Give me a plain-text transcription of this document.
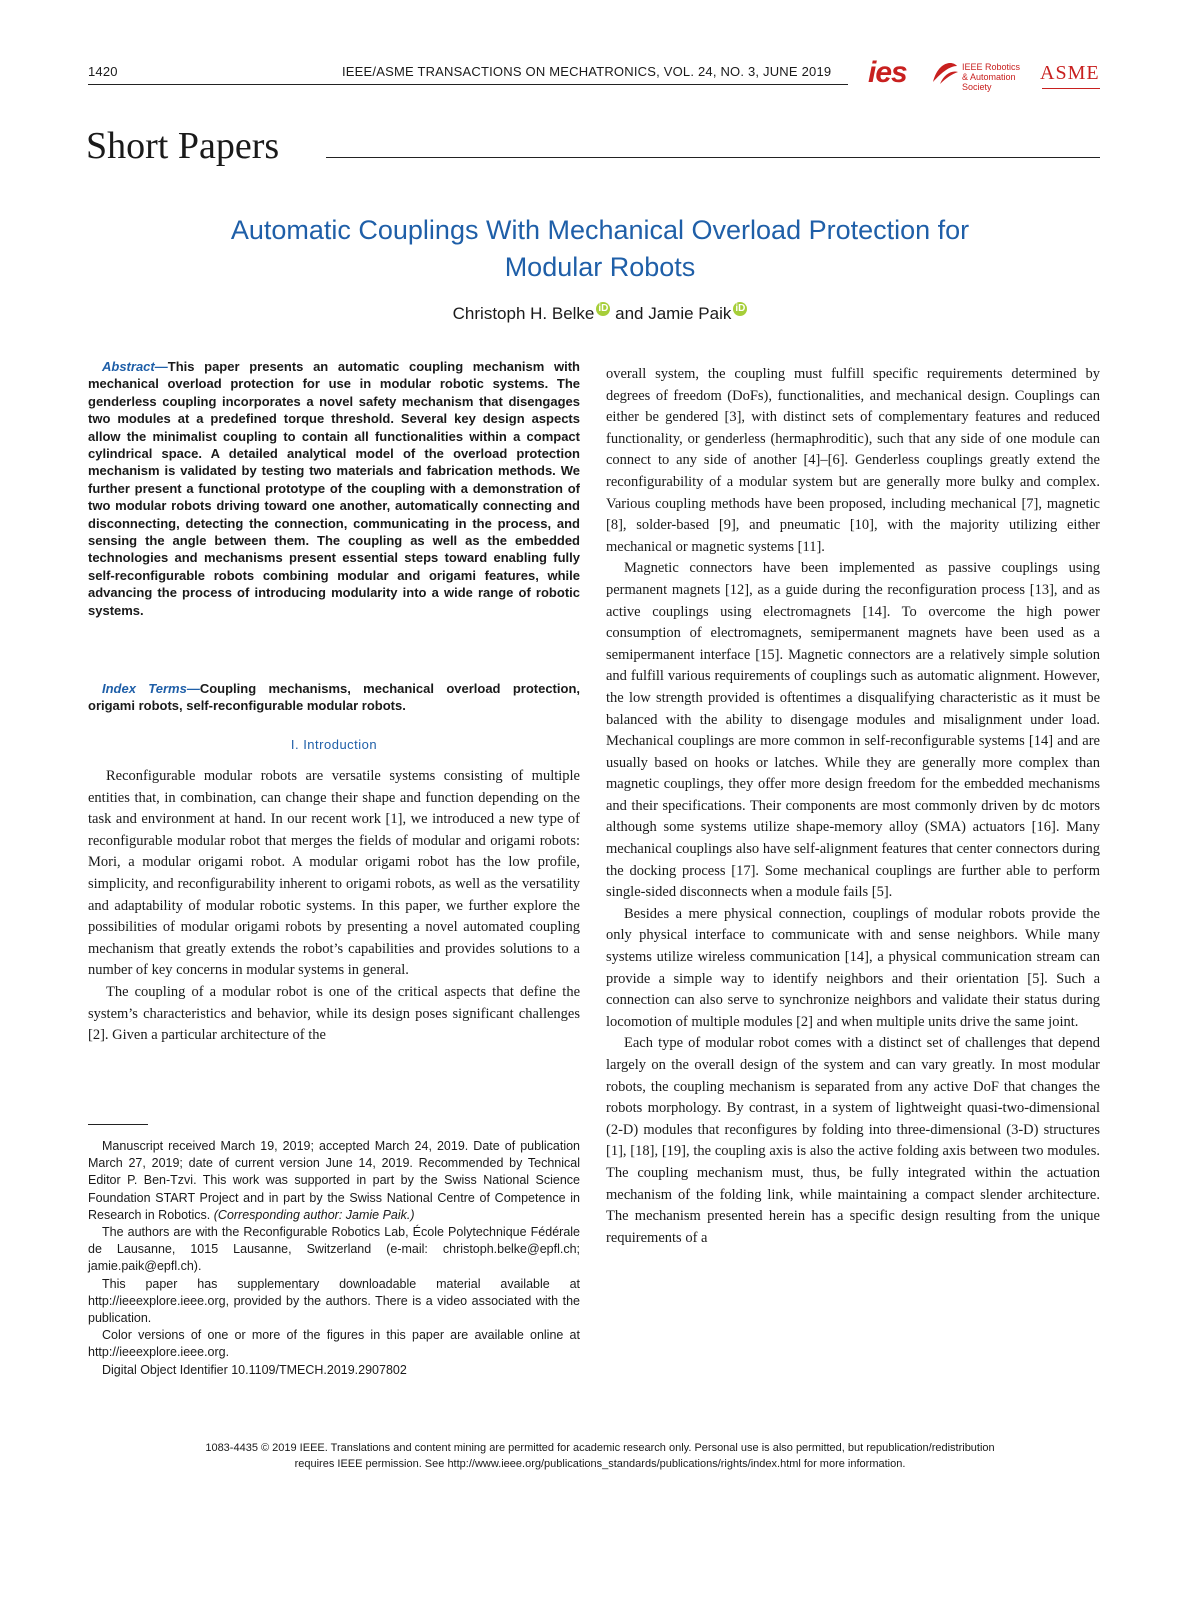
1420	IEEE/ASME TRANSACTIONS ON MECHATRONICS, VOL. 24, NO. 3, JUNE 2019 ies	IEEE Robotics
& Automation
Society
ASME
Short Papers
Automatic Couplings With Mechanical Overload Protection for
Modular Robots
Christoph H. Belke iD and Jamie Paik iD
Abstract—This paper presents an automatic coupling mechanism with mechanical overload protection for use in modular robotic systems. The genderless coupling incorporates a novel safety mechanism that disengages two modules at a predefined torque threshold. Several key design aspects allow the minimalist coupling to contain all functionalities within a compact cylindrical space. A detailed analytical model of the overload protection mechanism is validated by testing two materials and fabrication methods. We further present a functional prototype of the coupling with a demonstration of two modular robots driving toward one another, automatically connecting and disconnecting, detecting the connection, communicating in the process, and sensing the angle between them. The coupling as well as the embedded technologies and mechanisms present essential steps toward enabling fully self-reconfigurable robots combining modular and origami features, while advancing the process of introducing modularity into a wide range of robotic systems.
Index Terms—Coupling mechanisms, mechanical overload protection, origami robots, self-reconfigurable modular robots.
I. Introduction

Reconfigurable modular robots are versatile systems consisting of multiple entities that, in combination, can change their shape and function depending on the task and environment at hand. In our recent work [1], we introduced a new type of reconfigurable modular robot that merges the fields of modular and origami robots: Mori, a modular origami robot. A modular origami robot has the low profile, simplicity, and reconfigurability inherent to origami robots, as well as the versatility and adaptability of modular robotic systems. In this paper, we further explore the possibilities of modular origami robots by presenting a novel automated coupling mechanism that greatly extends the robot’s capabilities and provides solutions to a number of key concerns in modular systems in general.

The coupling of a modular robot is one of the critical aspects that define the system’s characteristics and behavior, while its design poses significant challenges [2]. Given a particular architecture of the

Manuscript received March 19, 2019; accepted March 24, 2019. Date of publication March 27, 2019; date of current version June 14, 2019. Recommended by Technical Editor P. Ben-Tzvi. This work was supported in part by the Swiss National Science Foundation START Project and in part by the Swiss National Centre of Competence in Research in Robotics. (Corresponding author: Jamie Paik.)

The authors are with the Reconfigurable Robotics Lab, École Polytechnique Fédérale de Lausanne, 1015 Lausanne, Switzerland (e-mail: christoph.belke@epfl.ch; jamie.paik@epfl.ch).

This paper has supplementary downloadable material available at http://ieeexplore.ieee.org, provided by the authors. There is a video associated with the publication.

Color versions of one or more of the figures in this paper are available online at http://ieeexplore.ieee.org.

Digital Object Identifier 10.1109/TMECH.2019.2907802

overall system, the coupling must fulfill specific requirements determined by degrees of freedom (DoFs), functionalities, and mechanical design. Couplings can either be gendered [3], with distinct sets of complementary features and reduced functionality, or genderless (hermaphroditic), such that any side of one module can connect to any side of another [4]–[6]. Genderless couplings greatly extend the reconfigurability of a modular system but are generally more bulky and complex. Various coupling methods have been proposed, including mechanical [7], magnetic [8], solder-based [9], and pneumatic [10], with the majority utilizing either mechanical or magnetic systems [11].

Magnetic connectors have been implemented as passive couplings using permanent magnets [12], as a guide during the reconfiguration process [13], and as active couplings using electromagnets [14]. To overcome the high power consumption of electromagnets, semipermanent magnets have been used as a semipermanent interface [15]. Magnetic connectors are a relatively simple solution and fulfill various requirements of couplings such as automatic alignment. However, the low strength provided is oftentimes a disqualifying characteristic as it must be balanced with the ability to disengage modules and misalignment under load. Mechanical couplings are more common in self-reconfigurable systems [14] and are usually based on hooks or latches. While they are generally more complex than magnetic couplings, they offer more design freedom for the embedded mechanisms and their specifications. Their components are most commonly driven by dc motors although some systems utilize shape-memory alloy (SMA) actuators [16]. Many mechanical couplings also have self-alignment features that center connectors during the docking process [17]. Some mechanical couplings are further able to perform single-sided disconnects when a module fails [5].

Besides a mere physical connection, couplings of modular robots provide the only physical interface to communicate with and sense neighbors. While many systems utilize wireless communication [14], a physical communication stream can provide a simple way to identify neighbors and their orientation [5]. Such a connection can also serve to synchronize neighbors and validate their status during locomotion of multiple modules [2] and when multiple units drive the same joint.

Each type of modular robot comes with a distinct set of challenges that depend largely on the overall design of the system and can vary greatly. In most modular robots, the coupling mechanism is separated from any active DoF that changes the robots morphology. By contrast, in a system of lightweight quasi-two-dimensional (2-D) modules that reconfigures by folding into three-dimensional (3-D) structures [1], [18], [19], the coupling axis is also the active folding axis between two modules. The coupling mechanism must, thus, be fully integrated within the actuation mechanism of the folding link, while maintaining a compact slender architecture. The mechanism presented herein has a specific design resulting from the unique requirements of a

1083-4435 © 2019 IEEE. Translations and content mining are permitted for academic research only. Personal use is also permitted, but republication/redistribution
requires IEEE permission. See http://www.ieee.org/publications_standards/publications/rights/index.html for more information.
